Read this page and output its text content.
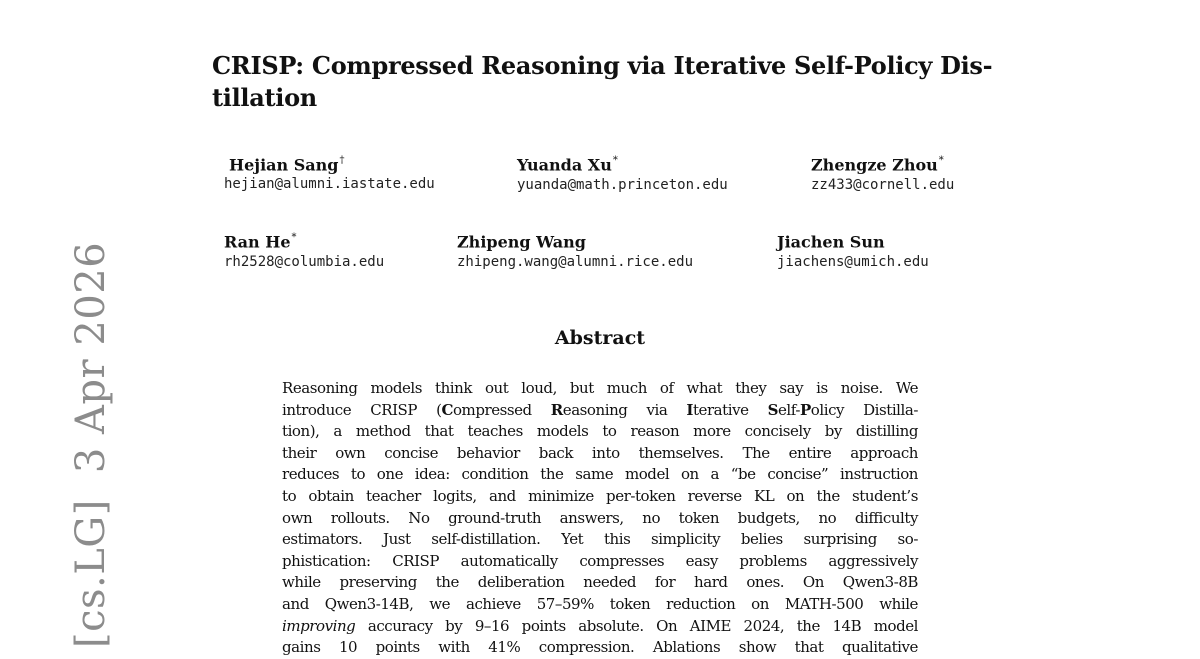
CRISP: Compressed Reasoning via Iterative Self-Policy Dis-
tillation
Hejian Sang†
hejian@alumni.iastate.edu
Yuanda Xu*
yuanda@math.princeton.edu
Zhengze Zhou*
zz433@cornell.edu
Ran He*
rh2528@columbia.edu
Zhipeng Wang
zhipeng.wang@alumni.rice.edu
Jiachen Sun
jiachens@umich.edu
Abstract
Reasoning models think out loud, but much of what they say is noise. We
introduce CRISP (Compressed Reasoning via Iterative Self-Policy Distilla-
tion), a method that teaches models to reason more concisely by distilling
their own concise behavior back into themselves. The entire approach
reduces to one idea: condition the same model on a “be concise” instruction
to obtain teacher logits, and minimize per-token reverse KL on the student’s
own rollouts. No ground-truth answers, no token budgets, no difficulty
estimators. Just self-distillation. Yet this simplicity belies surprising so-
phistication: CRISP automatically compresses easy problems aggressively
while preserving the deliberation needed for hard ones. On Qwen3-8B
and Qwen3-14B, we achieve 57–59% token reduction on MATH-500 while
improving accuracy by 9–16 points absolute. On AIME 2024, the 14B model
gains 10 points with 41% compression. Ablations show that qualitative
[cs.LG]3 Apr 2026
